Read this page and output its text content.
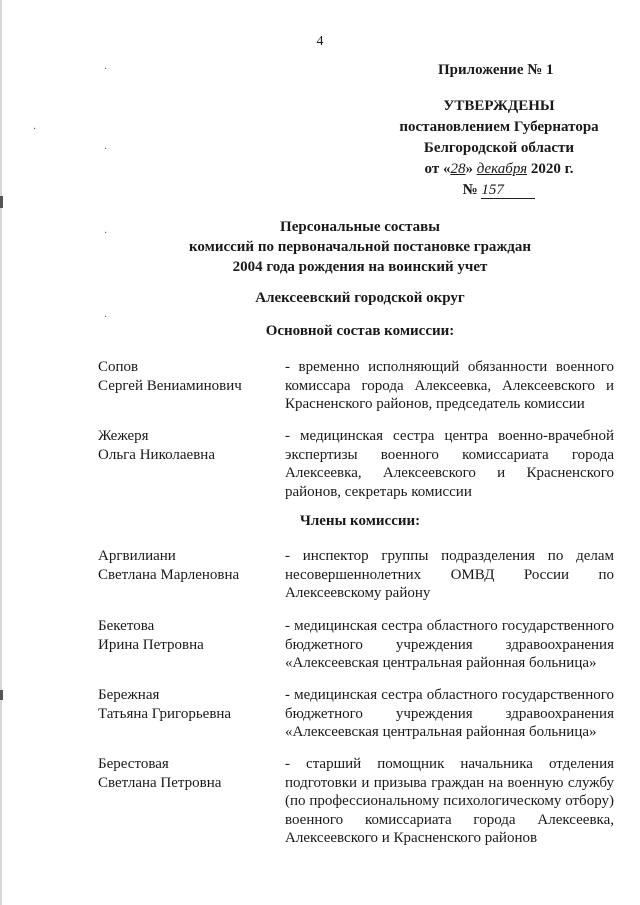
·
·
·
·
·
4
Приложение № 1
УТВЕРЖДЕНЫ
постановлением Губернатора
Белгородской области
от «28» декабря 2020 г.
№ 157
Персональные составы
комиссий по первоначальной постановке граждан
2004 года рождения на воинский учет
Алексеевский городской округ
Основной состав комиссии:
Сопов
Сергей Вениаминович
- временно исполняющий обязанности военного комиссара города Алексеевка, Алексеевского и Красненского районов, председатель комиссии
Жежеря
Ольга Николаевна
- медицинская сестра центра военно-врачебной экспертизы военного комиссариата города Алексеевка, Алексеевского и Красненского районов, секретарь комиссии
Члены комиссии:
Аргвилиани
Светлана Марленовна
- инспектор группы подразделения по делам несовершеннолетних ОМВД России по Алексеевскому району
Бекетова
Ирина Петровна
- медицинская сестра областного государственного бюджетного учреждения здравоохранения «Алексеевская центральная районная больница»
Бережная
Татьяна Григорьевна
- медицинская сестра областного государственного бюджетного учреждения здравоохранения «Алексеевская центральная районная больница»
Берестовая
Светлана Петровна
- старший помощник начальника отделения подготовки и призыва граждан на военную службу (по профессиональному психологическому отбору) военного комиссариата города Алексеевка, Алексеевского и Красненского районов
